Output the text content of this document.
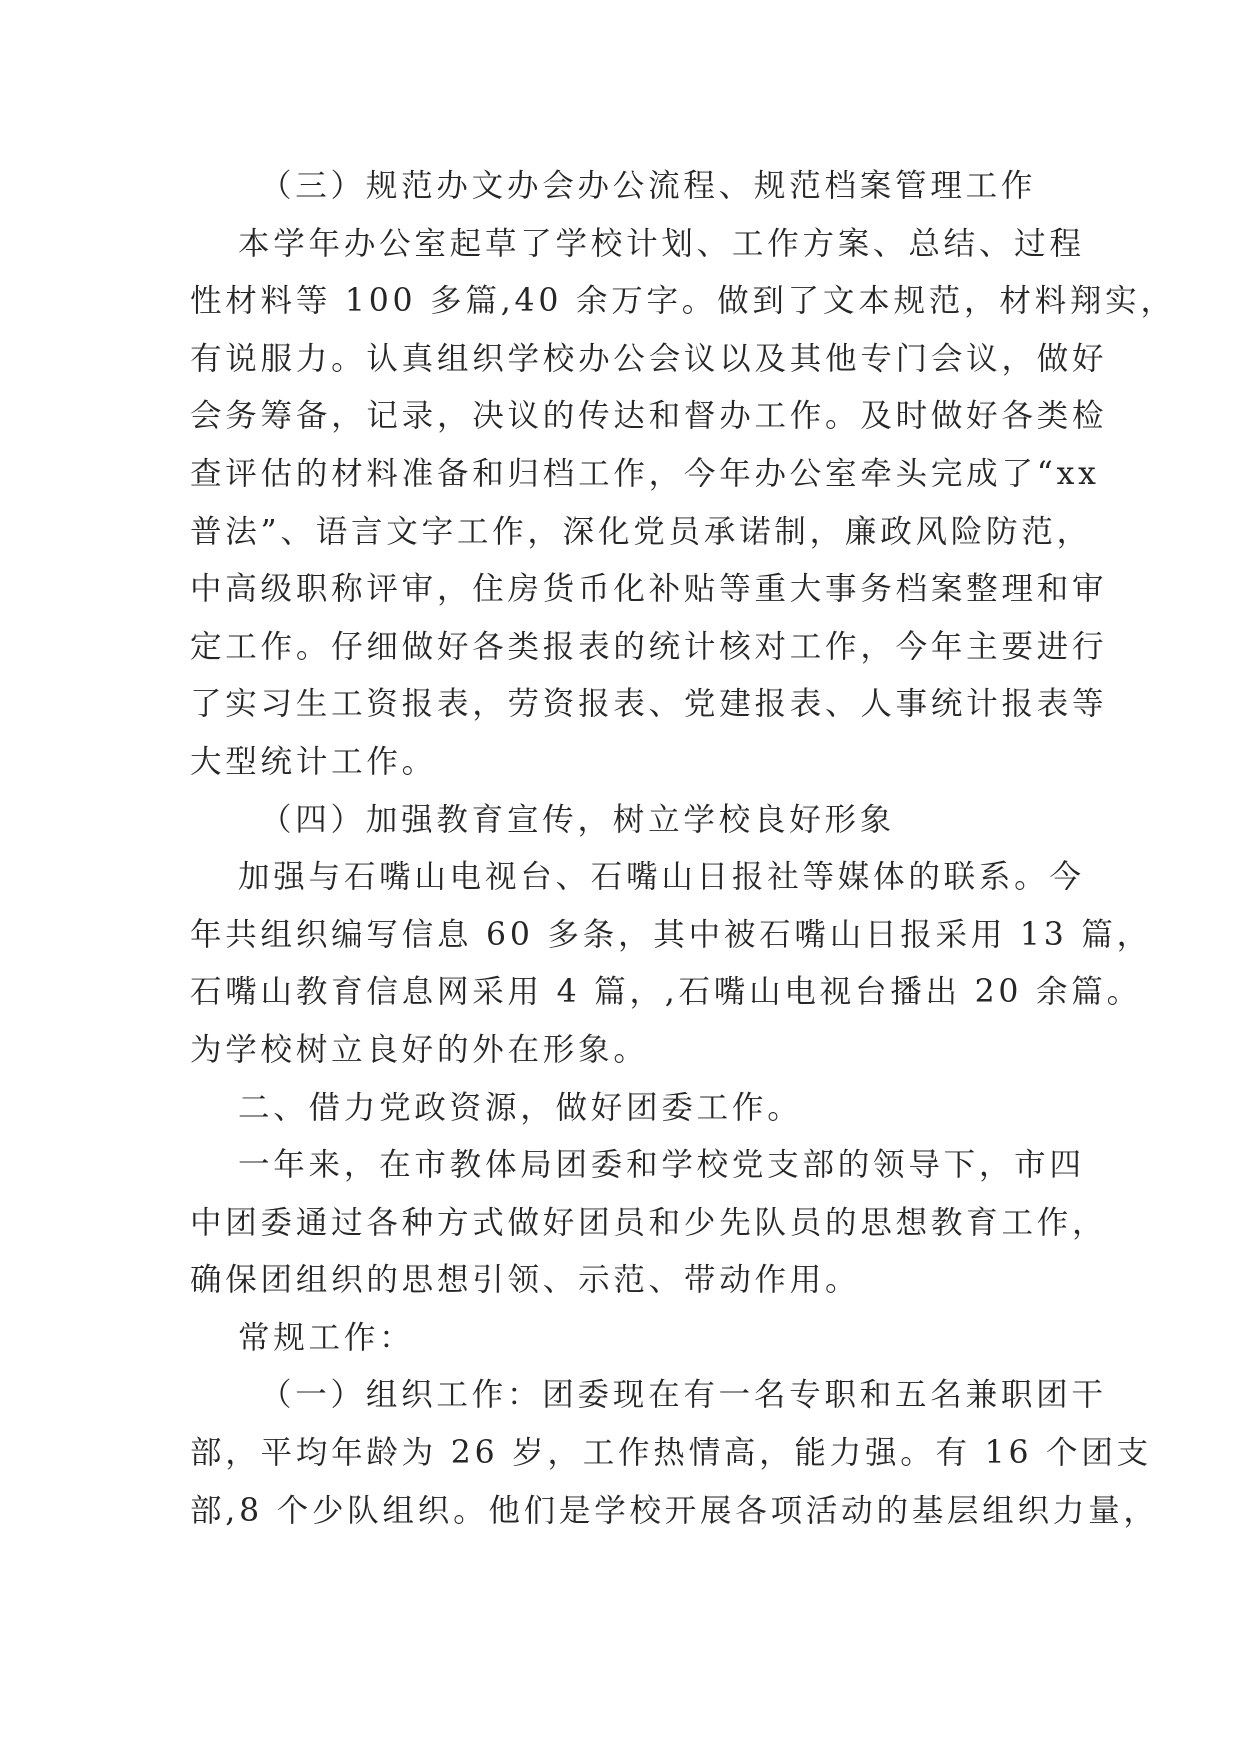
（三）规范办文办会办公流程、规范档案管理工作
本学年办公室起草了学校计划、工作方案、总结、过程
性材料等 100 多篇,40 余万字。做到了文本规范，材料翔实，
有说服力。认真组织学校办公会议以及其他专门会议，做好
会务筹备，记录，决议的传达和督办工作。及时做好各类检
查评估的材料准备和归档工作，今年办公室牵头完成了“xx
普法”、语言文字工作，深化党员承诺制，廉政风险防范，
中高级职称评审，住房货币化补贴等重大事务档案整理和审
定工作。仔细做好各类报表的统计核对工作，今年主要进行
了实习生工资报表，劳资报表、党建报表、人事统计报表等
大型统计工作。
（四）加强教育宣传，树立学校良好形象
加强与石嘴山电视台、石嘴山日报社等媒体的联系。今
年共组织编写信息 60 多条，其中被石嘴山日报采用 13 篇，
石嘴山教育信息网采用 4 篇，,石嘴山电视台播出 20 余篇。
为学校树立良好的外在形象。
二、借力党政资源，做好团委工作。
一年来，在市教体局团委和学校党支部的领导下，市四
中团委通过各种方式做好团员和少先队员的思想教育工作，
确保团组织的思想引领、示范、带动作用。
常规工作：
（一）组织工作：团委现在有一名专职和五名兼职团干
部，平均年龄为 26 岁，工作热情高，能力强。有 16 个团支
部,8 个少队组织。他们是学校开展各项活动的基层组织力量，
